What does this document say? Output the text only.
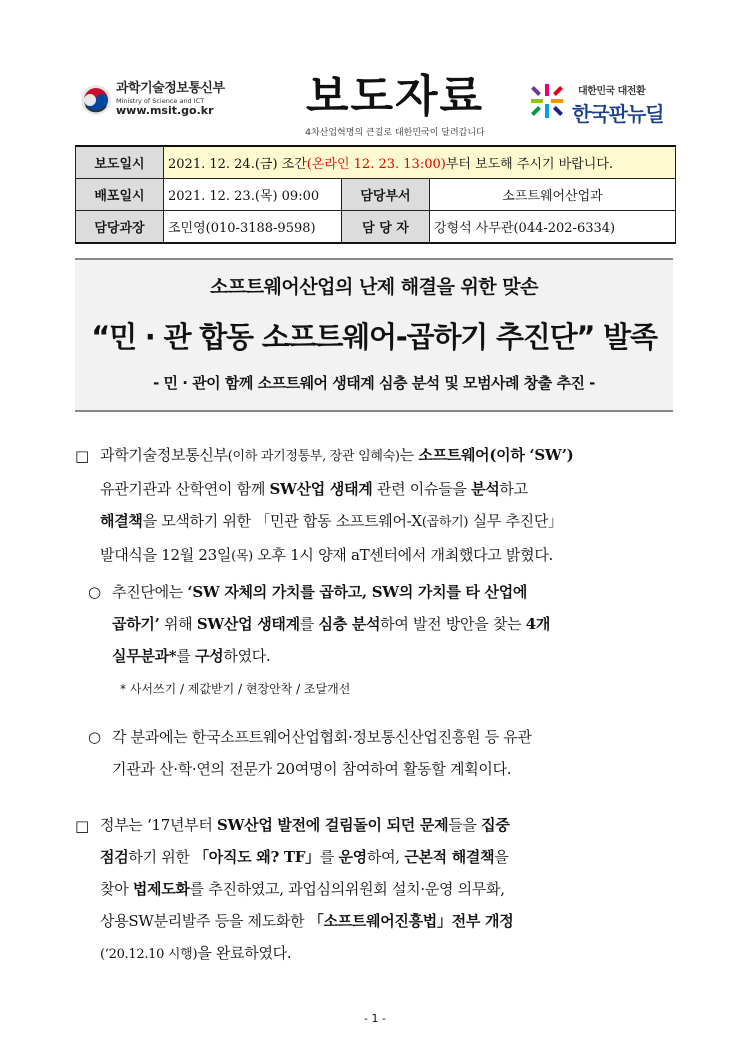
과학기술정보통신부
Ministry of Science and ICT
www.msit.go.kr 보도자료
4차산업혁명의 큰길로 대한민국이 달려갑니다
대한민국 대전환
한국판뉴딜
보도일시	2021. 12. 24.(금) 조간(온라인 12. 23. 13:00)부터 보도해 주시기 바랍니다.		
배포일시	2021. 12. 23.(목) 09:00	담당부서	소프트웨어산업과
담당과장	조민영(010-3188-9598)	담 당 자	강형석 사무관(044-202-6334)
소프트웨어산업의 난제 해결을 위한 맞손
“민 · 관 합동 소프트웨어-곱하기 추진단” 발족
- 민 · 관이 함께 소프트웨어 생태계 심층 분석 및 모범사례 창출 추진 -
□ 과학기술정보통신부(이하 과기정통부, 장관 임혜숙)는 소프트웨어(이하 ‘SW’)
유관기관과 산학연이 함께 SW산업 생태계 관련 이슈들을 분석하고
해결책을 모색하기 위한 「민관 합동 소프트웨어-X(곱하기) 실무 추진단」
발대식을 12월 23일(목) 오후 1시 양재 aT센터에서 개최했다고 밝혔다.
○ 추진단에는 ‘SW 자체의 가치를 곱하고, SW의 가치를 타 산업에
곱하기’ 위해 SW산업 생태계를 심층 분석하여 발전 방안을 찾는 4개
실무분과*를 구성하였다.
* 사서쓰기 / 제값받기 / 현장안착 / 조달개선
○ 각 분과에는 한국소프트웨어산업협회·정보통신산업진흥원 등 유관
기관과 산·학·연의 전문가 20여명이 참여하여 활동할 계획이다.
□ 정부는 ‘17년부터 SW산업 발전에 걸림돌이 되던 문제들을 집중
점검하기 위한 「아직도 왜? TF」를 운영하여, 근본적 해결책을
찾아 법제도화를 추진하였고, 과업심의위원회 설치·운영 의무화,
상용SW분리발주 등을 제도화한 「소프트웨어진흥법」전부 개정
(‘20.12.10 시행)을 완료하였다.
- 1 -
